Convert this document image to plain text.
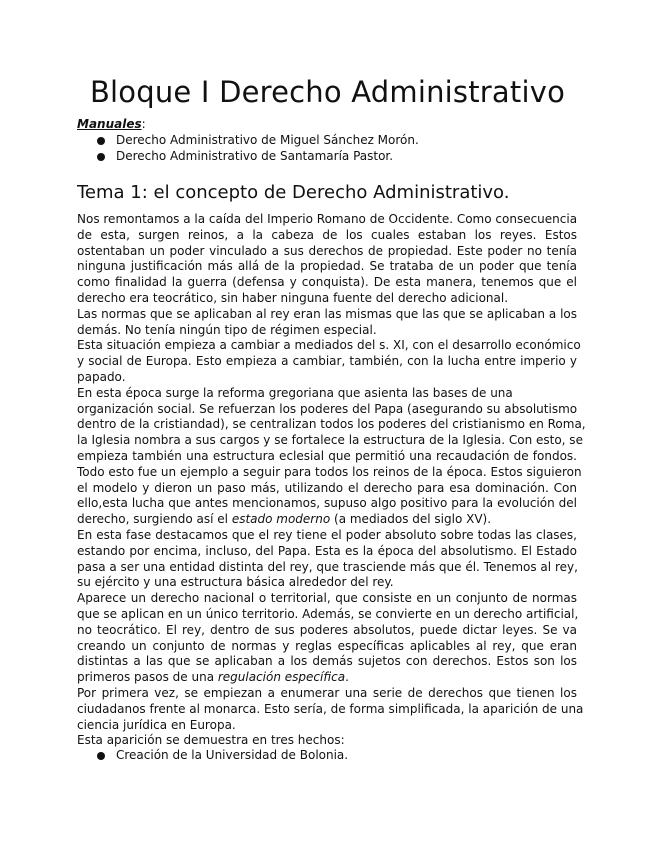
Bloque I Derecho Administrativo
Manuales:
Derecho Administrativo de Miguel Sánchez Morón.
Derecho Administrativo de Santamaría Pastor.
Tema 1: el concepto de Derecho Administrativo.
Nos remontamos a la caída del Imperio Romano de Occidente. Como consecuencia
de esta, surgen reinos, a la cabeza de los cuales estaban los reyes. Estos
ostentaban un poder vinculado a sus derechos de propiedad. Este poder no tenía
ninguna justificación más allá de la propiedad. Se trataba de un poder que tenía
como finalidad la guerra (defensa y conquista). De esta manera, tenemos que el
derecho era teocrático, sin haber ninguna fuente del derecho adicional.
Las normas que se aplicaban al rey eran las mismas que las que se aplicaban a los
demás. No tenía ningún tipo de régimen especial.
Esta situación empieza a cambiar a mediados del s. XI, con el desarrollo económico
y social de Europa. Esto empieza a cambiar, también, con la lucha entre imperio y
papado.
En esta época surge la reforma gregoriana que asienta las bases de una
organización social. Se refuerzan los poderes del Papa (asegurando su absolutismo
dentro de la cristiandad), se centralizan todos los poderes del cristianismo en Roma,
la Iglesia nombra a sus cargos y se fortalece la estructura de la Iglesia. Con esto, se
empieza también una estructura eclesial que permitió una recaudación de fondos.
Todo esto fue un ejemplo a seguir para todos los reinos de la época. Estos siguieron
el modelo y dieron un paso más, utilizando el derecho para esa dominación. Con
ello,esta lucha que antes mencionamos, supuso algo positivo para la evolución del
derecho, surgiendo así el estado moderno (a mediados del siglo XV).
En esta fase destacamos que el rey tiene el poder absoluto sobre todas las clases,
estando por encima, incluso, del Papa. Esta es la época del absolutismo. El Estado
pasa a ser una entidad distinta del rey, que trasciende más que él. Tenemos al rey,
su ejército y una estructura básica alrededor del rey.
Aparece un derecho nacional o territorial, que consiste en un conjunto de normas
que se aplican en un único territorio. Además, se convierte en un derecho artificial,
no teocrático. El rey, dentro de sus poderes absolutos, puede dictar leyes. Se va
creando un conjunto de normas y reglas específicas aplicables al rey, que eran
distintas a las que se aplicaban a los demás sujetos con derechos. Estos son los
primeros pasos de una regulación específica.
Por primera vez, se empiezan a enumerar una serie de derechos que tienen los
ciudadanos frente al monarca. Esto sería, de forma simplificada, la aparición de una
ciencia jurídica en Europa.
Esta aparición se demuestra en tres hechos:
Creación de la Universidad de Bolonia.
